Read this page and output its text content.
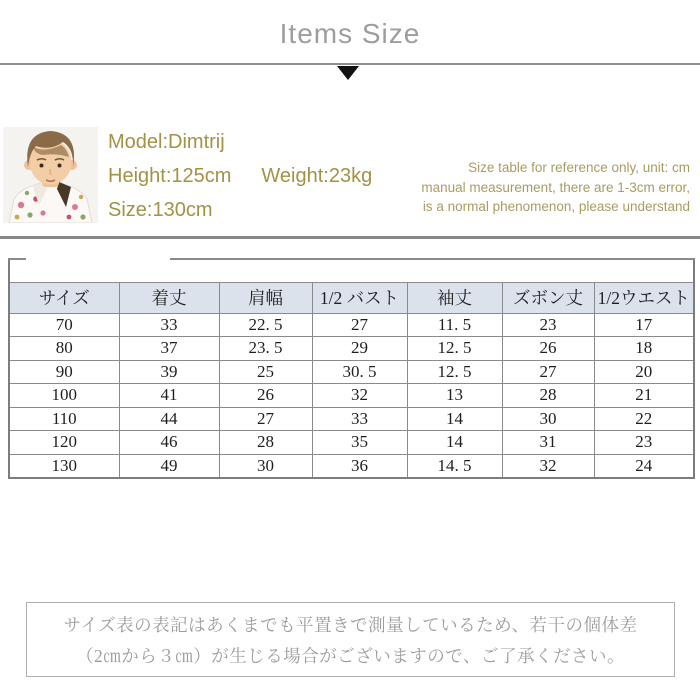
Items Size
Model:Dimtrij
Height:125cm Weight:23kg
Size:130cm
Size table for reference only, unit: cm
manual measurement, there are 1-3cm error,
is a normal phenomenon, please understand

サイズ	着丈	肩幅	1/2 バスト	袖丈	ズボン丈	1/2ウエスト
70	33	22. 5	27	11. 5	23	17
80	37	23. 5	29	12. 5	26	18
90	39	25	30. 5	12. 5	27	20
100	41	26	32	13	28	21
110	44	27	33	14	30	22
120	46	28	35	14	31	23
130	49	30	36	14. 5	32	24
サイズ表の表記はあくまでも平置きで測量しているため、若干の個体差
（2㎝から３㎝）が生じる場合がございますので、ご了承ください。
